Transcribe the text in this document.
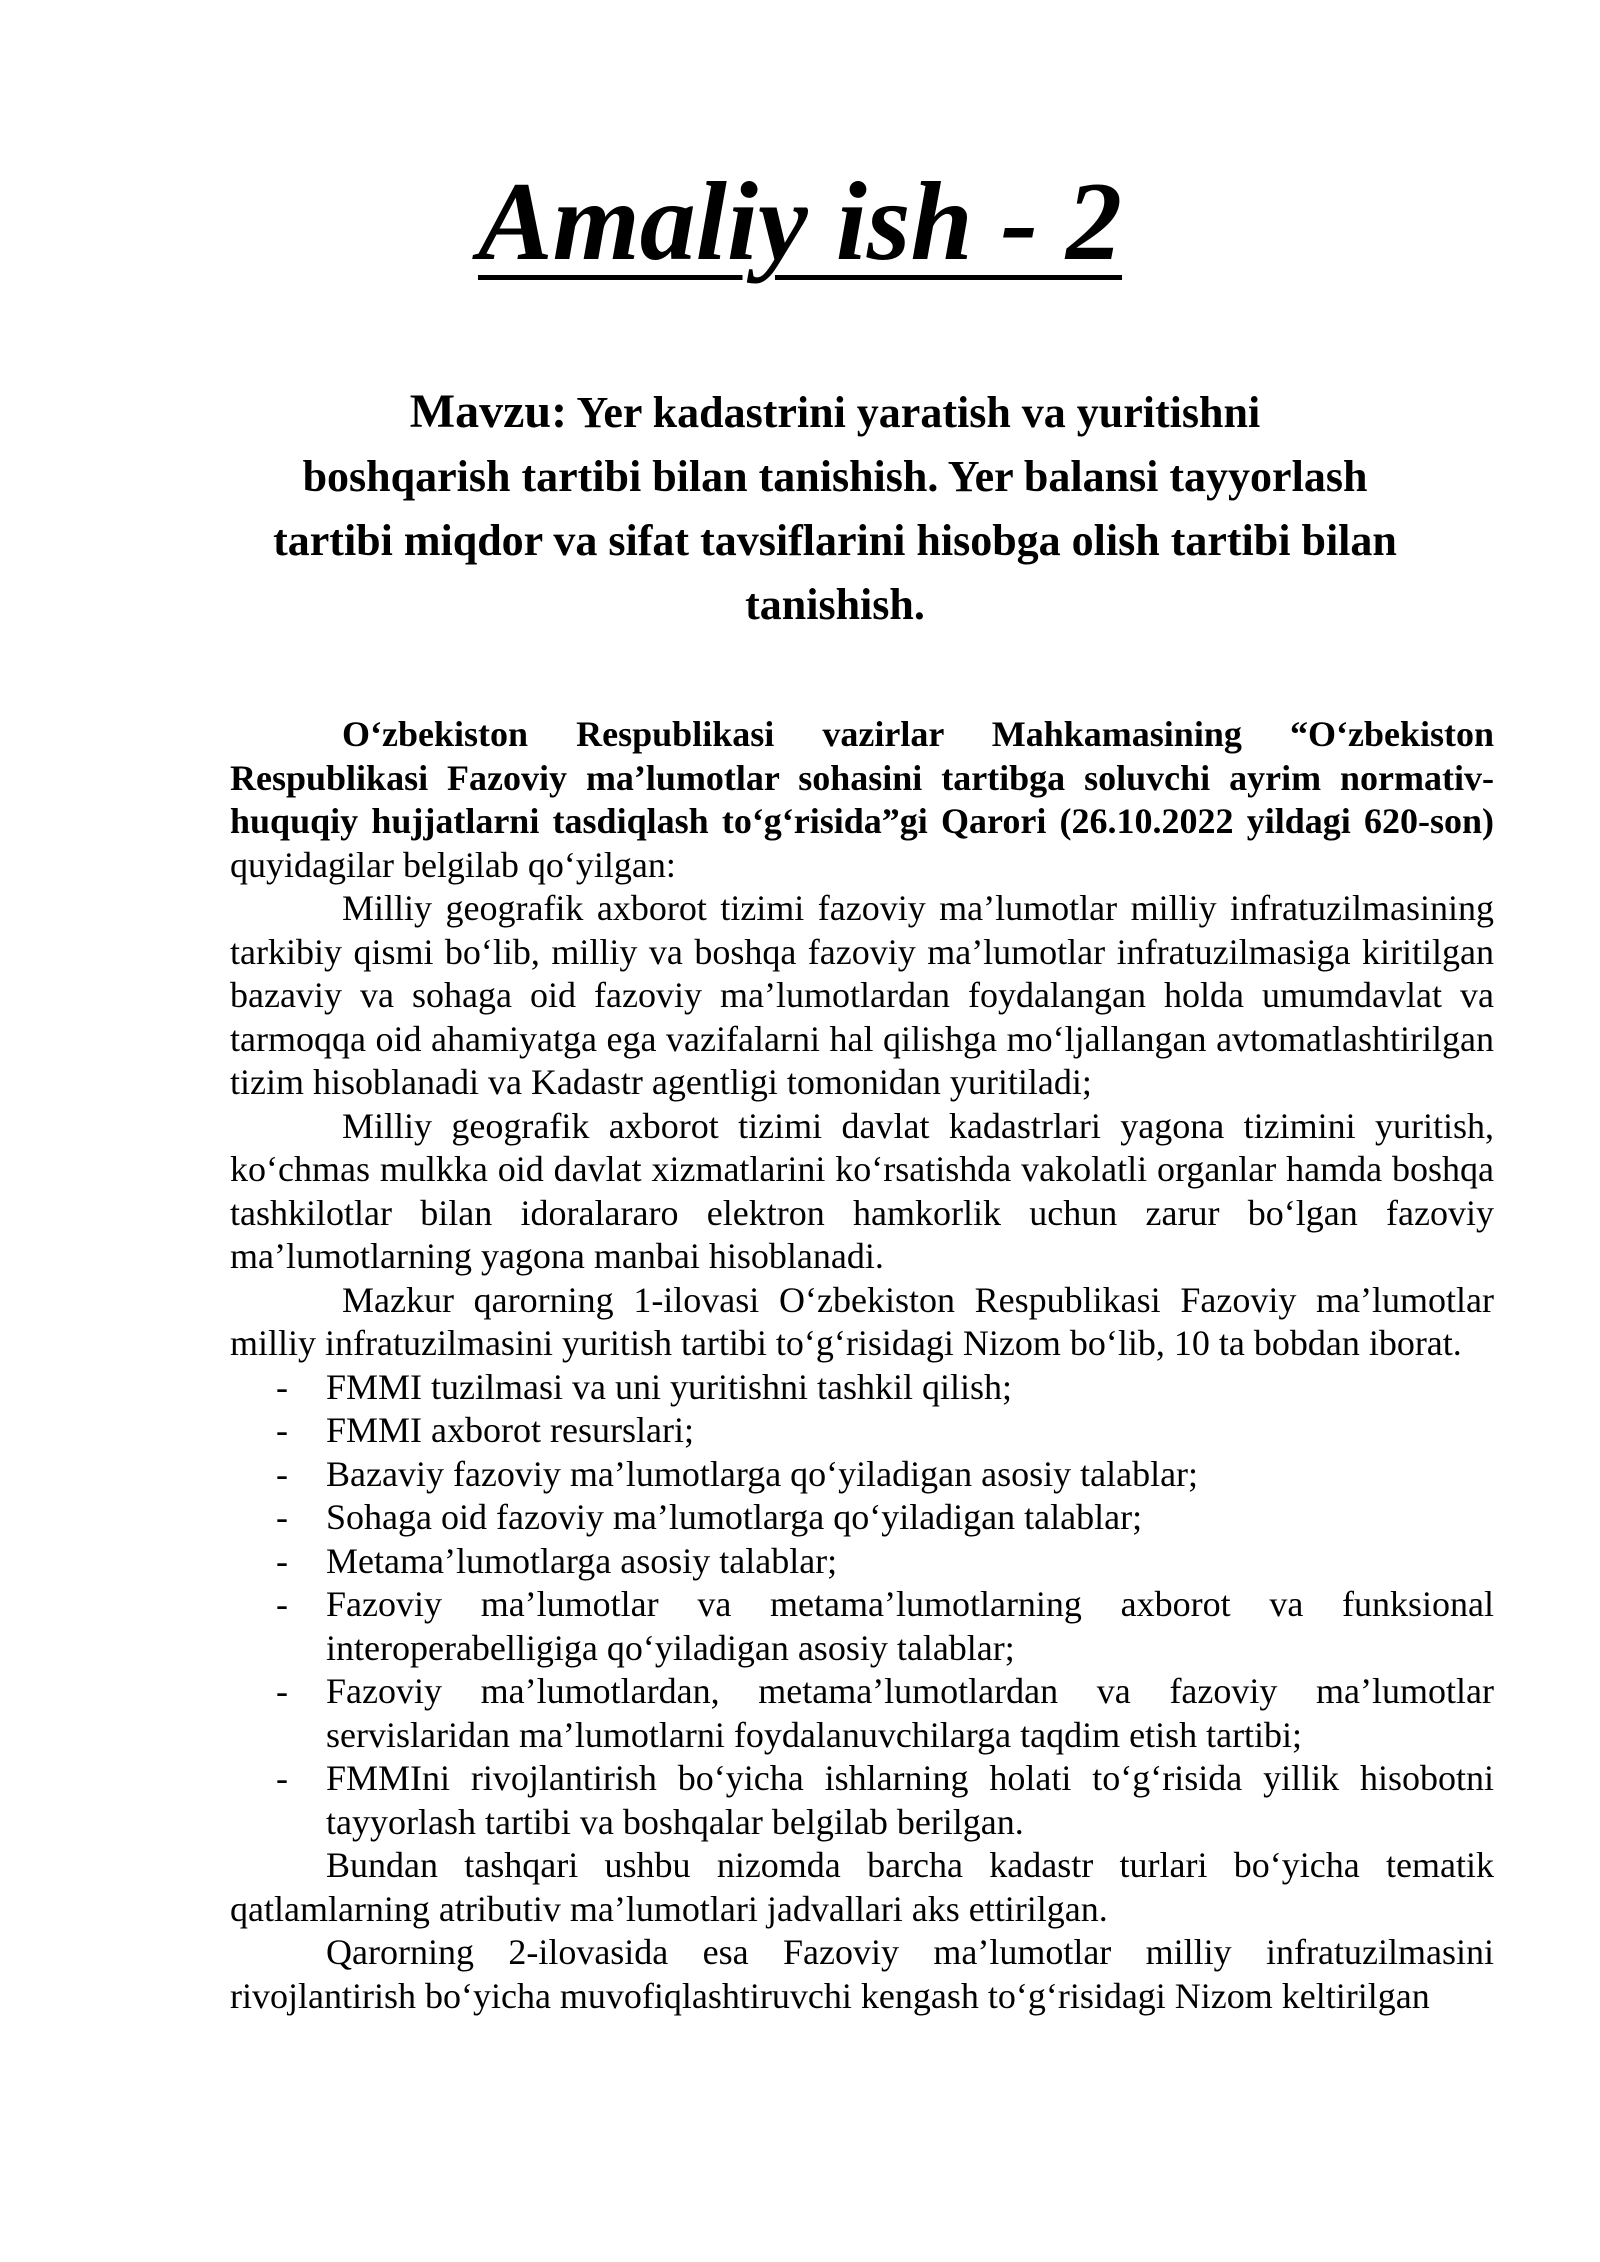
Amaliy ish - 2
Mavzu: Yer kadastrini yaratish va yuritishni
boshqarish tartibi bilan tanishish. Yer balansi tayyorlash
tartibi miqdor va sifat tavsiflarini hisobga olish tartibi bilan
tanishish.

O‘zbekiston Respublikasi vazirlar Mahkamasining “O‘zbekiston Respublikasi Fazoviy ma’lumotlar sohasini tartibga soluvchi ayrim normativ-huquqiy hujjatlarni tasdiqlash to‘g‘risida”gi Qarori (26.10.2022 yildagi 620-son) quyidagilar belgilab qo‘yilgan:

Milliy geografik axborot tizimi fazoviy ma’lumotlar milliy infratuzilmasining tarkibiy qismi bo‘lib, milliy va boshqa fazoviy ma’lumotlar infratuzilmasiga kiritilgan bazaviy va sohaga oid fazoviy ma’lumotlardan foydalangan holda umumdavlat va tarmoqqa oid ahamiyatga ega vazifalarni hal qilishga mo‘ljallangan avtomatlashtirilgan tizim hisoblanadi va Kadastr agentligi tomonidan yuritiladi;

Milliy geografik axborot tizimi davlat kadastrlari yagona tizimini yuritish, ko‘chmas mulkka oid davlat xizmatlarini ko‘rsatishda vakolatli organlar hamda boshqa tashkilotlar bilan idoralararo elektron hamkorlik uchun zarur bo‘lgan fazoviy ma’lumotlarning yagona manbai hisoblanadi.

Mazkur qarorning 1-ilovasi O‘zbekiston Respublikasi Fazoviy ma’lumotlar milliy infratuzilmasini yuritish tartibi to‘g‘risidagi Nizom bo‘lib, 10 ta bobdan iborat.

- FMMI tuzilmasi va uni yuritishni tashkil qilish;
- FMMI axborot resurslari;
- Bazaviy fazoviy ma’lumotlarga qo‘yiladigan asosiy talablar;
- Sohaga oid fazoviy ma’lumotlarga qo‘yiladigan talablar;
- Metama’lumotlarga asosiy talablar;
- Fazoviy ma’lumotlar va metama’lumotlarning axborot va funksional interoperabelligiga qo‘yiladigan asosiy talablar;
- Fazoviy ma’lumotlardan, metama’lumotlardan va fazoviy ma’lumotlar servislaridan ma’lumotlarni foydalanuvchilarga taqdim etish tartibi;
- FMMIni rivojlantirish bo‘yicha ishlarning holati to‘g‘risida yillik hisobotni tayyorlash tartibi va boshqalar belgilab berilgan.

Bundan tashqari ushbu nizomda barcha kadastr turlari bo‘yicha tematik qatlamlarning atributiv ma’lumotlari jadvallari aks ettirilgan.

Qarorning 2-ilovasida esa Fazoviy ma’lumotlar milliy infratuzilmasini rivojlantirish bo‘yicha muvofiqlashtiruvchi kengash to‘g‘risidagi Nizom keltirilgan
